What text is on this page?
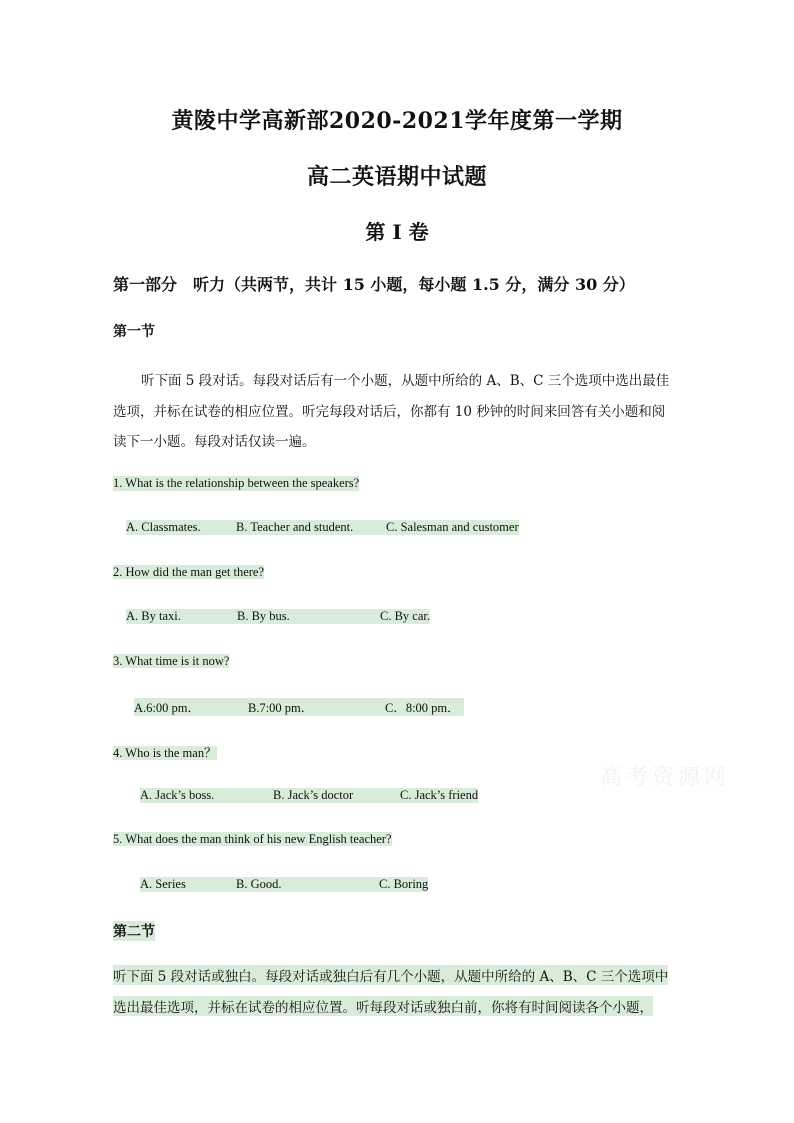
黄陵中学高新部2020-2021学年度第一学期
高二英语期中试题
第 I 卷
第一部分　听力（共两节，共计 15 小题，每小题 1.5 分，满分 30 分）
第一节
听下面 5 段对话。每段对话后有一个小题，从题中所给的 A、B、C 三个选项中选出最佳
选项，并标在试卷的相应位置。听完每段对话后，你都有 10 秒钟的时间来回答有关小题和阅
读下一小题。每段对话仅读一遍。
1. What is the relationship between the speakers?
A. Classmates.	B. Teacher and student.	C. Salesman and customer
2. How did the man get there?
A. By taxi.	B. By bus.	C. By car.
3. What time is it now?
A.6:00 pm．	B.7:00 pm．	C．8:00 pm．
4. Who is the man？
A. Jack’s boss.	B. Jack’s doctor	C. Jack’s friend
高考资源网
5. What does the man think of his new English teacher?
A. Series	B. Good.	C. Boring
第二节
听下面 5 段对话或独白。每段对话或独白后有几个小题，从题中所给的 A、B、C 三个选项中
选出最佳选项，并标在试卷的相应位置。听每段对话或独白前，你将有时间阅读各个小题，
